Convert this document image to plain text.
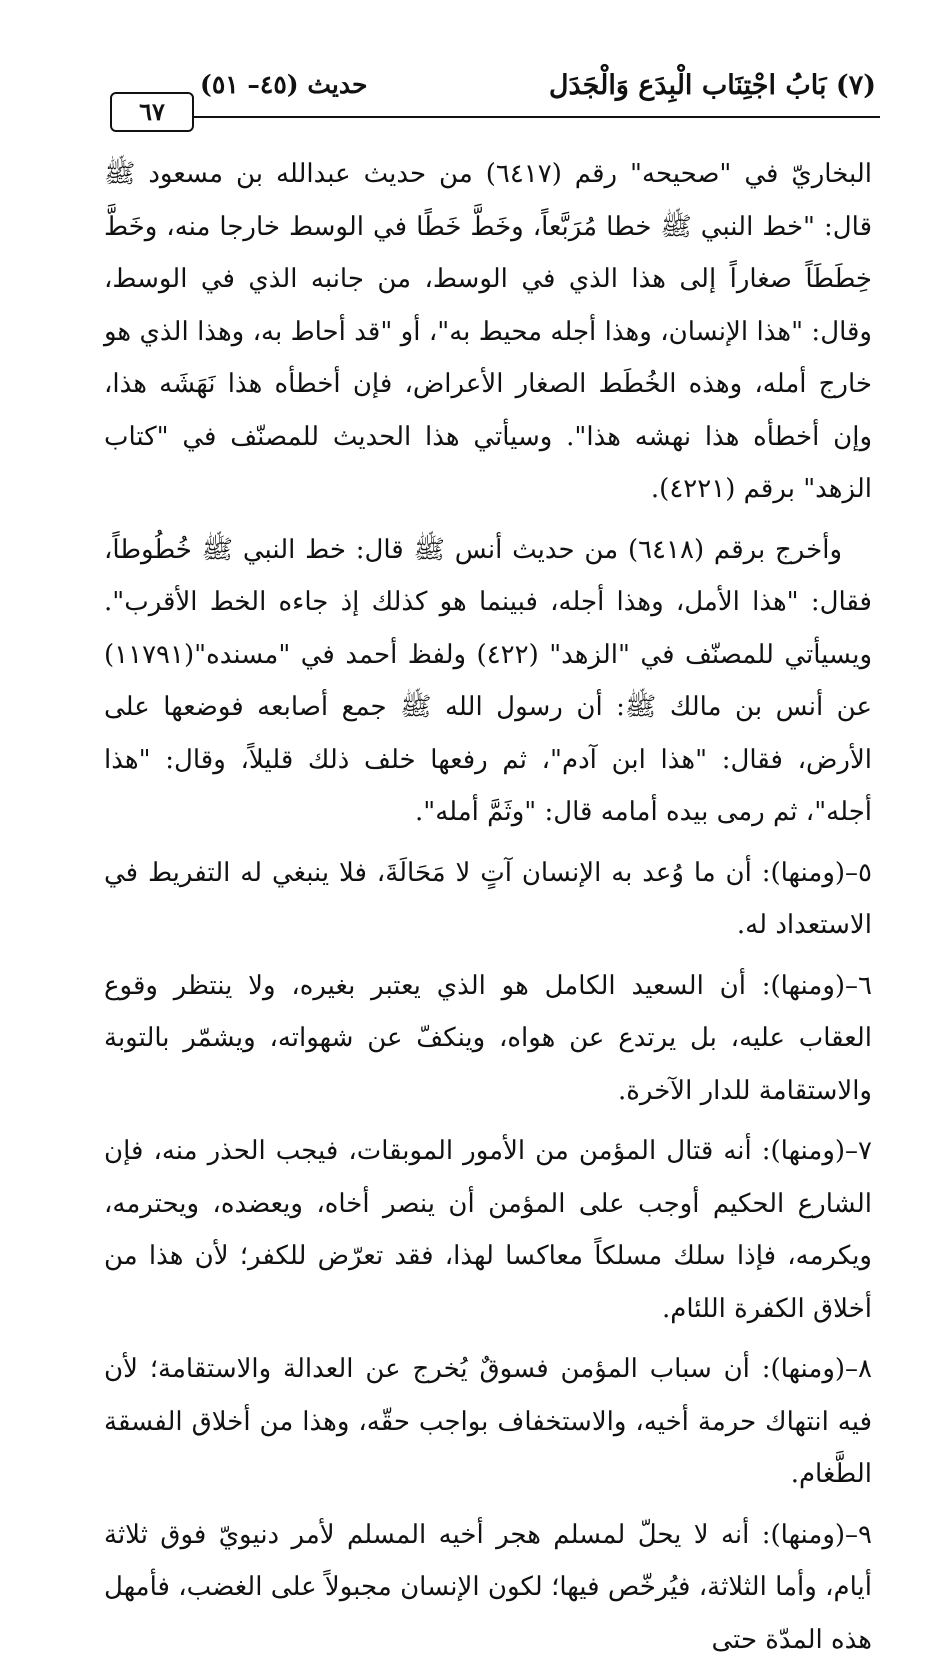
٦٧
حديث (٤٥– ٥١)	(٧) بَابُ اجْتِنَاب الْبِدَع وَالْجَدَل

البخاريّ في "صحيحه" رقم (٦٤١٧) من حديث عبدالله بن مسعود ﷺ قال: "خط النبي ﷺ خطا مُرَبَّعاً، وخَطَّ خَطًا في الوسط خارجا منه، وخَطَّ خِطَطَاً صغاراً إلى هذا الذي في الوسط، من جانبه الذي في الوسط، وقال: "هذا الإنسان، وهذا أجله محيط به"، أو "قد أحاط به، وهذا الذي هو خارج أمله، وهذه الخُطَط الصغار الأعراض، فإن أخطأه هذا نَهَشَه هذا، وإن أخطأه هذا نهشه هذا". وسيأتي هذا الحديث للمصنّف في "كتاب الزهد" برقم (٤٢٢١).

وأخرج برقم (٦٤١٨) من حديث أنس ﷺ قال: خط النبي ﷺ خُطُوطاً، فقال: "هذا الأمل، وهذا أجله، فبينما هو كذلك إذ جاءه الخط الأقرب". ويسيأتي للمصنّف في "الزهد" (٤٢٢) ولفظ أحمد في "مسنده"(١١٧٩١) عن أنس بن مالك ﷺ: أن رسول الله ﷺ جمع أصابعه فوضعها على الأرض، فقال: "هذا ابن آدم"، ثم رفعها خلف ذلك قليلاً، وقال: "هذا أجله"، ثم رمى بيده أمامه قال: "وثَمَّ أمله".

٥–(ومنها): أن ما وُعد به الإنسان آتٍ لا مَحَالَةَ، فلا ينبغي له التفريط في الاستعداد له.

٦–(ومنها): أن السعيد الكامل هو الذي يعتبر بغيره، ولا ينتظر وقوع العقاب عليه، بل يرتدع عن هواه، وينكفّ عن شهواته، ويشمّر بالتوبة والاستقامة للدار الآخرة.

٧–(ومنها): أنه قتال المؤمن من الأمور الموبقات، فيجب الحذر منه، فإن الشارع الحكيم أوجب على المؤمن أن ينصر أخاه، ويعضده، ويحترمه، ويكرمه، فإذا سلك مسلكاً معاكسا لهذا، فقد تعرّض للكفر؛ لأن هذا من أخلاق الكفرة اللئام.

٨–(ومنها): أن سباب المؤمن فسوقٌ يُخرج عن العدالة والاستقامة؛ لأن فيه انتهاك حرمة أخيه، والاستخفاف بواجب حقّه، وهذا من أخلاق الفسقة الطَّغام.

٩–(ومنها): أنه لا يحلّ لمسلم هجر أخيه المسلم لأمر دنيويّ فوق ثلاثة أيام، وأما الثلاثة، فيُرخّص فيها؛ لكون الإنسان مجبولاً على الغضب، فأمهل هذه المدّة حتى
